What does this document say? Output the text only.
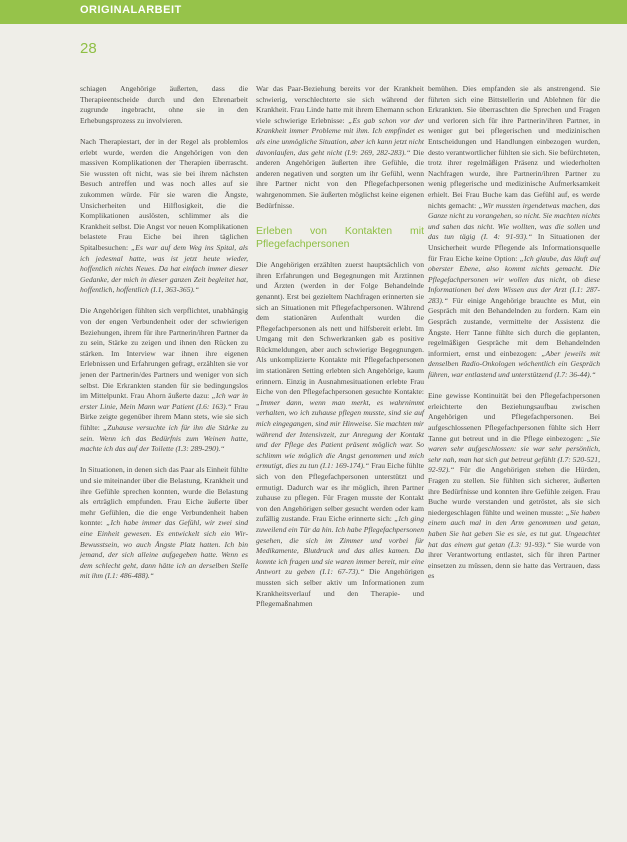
ORIGINALARBEIT
28

schiagen Angehörige äußerten, dass die Therapieentscheide durch und den Ehrenarbeit zugrunde ingebracht, ohne sie in den Erhebungsprozess zu involvieren.

Nach Therapiestart, der in der Regel als problemlos erlebt wurde, werden die Angehörigen von den massiven Komplikationen der Therapien überrascht. Sie wussten oft nicht, was sie bei ihrem nächsten Besuch antreffen und was noch alles auf sie zukommen würde. Für sie waren die Ängste, Unsicherheiten und Hilflosigkeit, die die Komplikationen auslösten, schlimmer als die Krankheit selbst. Die Angst vor neuen Komplikationen belastete Frau Eiche bei ihren täglichen Spitalbesuchen: „Es war auf dem Weg ins Spital, als ich jedesmal hatte, was ist jetzt heute wieder, hoffentlich nichts Neues. Da hat einfach immer dieser Gedanke, der mich in dieser ganzen Zeit begleitet hat, hoffentlich, hoffentlich (I.1, 363-365).“

Die Angehörigen fühlten sich verpflichtet, unabhängig von der engen Verbundenheit oder der schwierigen Beziehungen, ihrem für ihre Partnerin/ihren Partner da zu sein, Stärke zu zeigen und ihnen den Rücken zu stärken. Im Interview war ihnen ihre eigenen Erlebnissen und Erfahrungen gefragt, erzählten sie vor jenen der Partnerin/des Partners und weniger von sich selbst. Die Erkrankten standen für sie bedingungslos im Mittelpunkt. Frau Ahorn äußerte dazu: „Ich war in erster Linie, Mein Mann war Patient (I.6: 163).“ Frau Birke zeigte gegenüber ihrem Mann stets, wie sie sich fühlte: „Zuhause versuchte ich für ihn die Stärke zu sein. Wenn ich das Bedürfnis zum Weinen hatte, machte ich das auf der Toilette (I.3: 289-290).“

In Situationen, in denen sich das Paar als Einheit fühlte und sie miteinander über die Belastung, Krankheit und ihre Gefühle sprechen konnten, wurde die Belastung als erträglich empfunden. Frau Eiche äußerte über mehr Gefühlen, die die enge Verbundenheit haben konnte: „Ich habe immer das Gefühl, wir zwei sind eine Einheit gewesen. Es entwickelt sich ein Wir-Bewusstsein, wo auch Ängste Platz hatten. Ich bin jemand, der sich alleine aufgegeben hatte. Wenn es dem schlecht geht, dann hätte ich an derselben Stelle mit ihm (I.1: 486-488).“

War das Paar-Beziehung bereits vor der Krankheit schwierig, verschlechterte sie sich während der Krankheit. Frau Linde hatte mit ihrem Ehemann schon viele schwierige Erlebnisse: „Es gab schon vor der Krankheit immer Probleme mit ihm. Ich empfindet es als eine unmögliche Situation, aber ich kann jetzt nicht davonlaufen, das geht nicht (I.9: 269, 282-283).“ Die anderen Angehörigen äußerten ihre Gefühle, die anderen negativen und sorgten um ihr Gefühl, wenn ihre Partner nicht von den Pflegefachpersonen wahrgenommen. Sie äußerten möglichst keine eigenen Bedürfnisse.

Erleben von Kontakten mit Pflegefachpersonen

Die Angehörigen erzählten zuerst hauptsächlich von ihren Erfahrungen und Begegnungen mit Ärztinnen und Ärzten (werden in der Folge Behandelnde genannt). Erst bei gezieltem Nachfragen erinnerten sie sich an Situationen mit Pflegefachpersonen. Während dem stationären Aufenthalt wurden die Pflegefachpersonen als nett und hilfsbereit erlebt. Im Umgang mit den Schwerkranken gab es positive Rückmeldungen, aber auch schwierige Begegnungen. Als unkomplizierte Kontakte mit Pflegefachpersonen im stationären Setting erlebten sich Angehörige, kaum erinnern. Einzig in Ausnahmesituationen erlebte Frau Eiche von den Pflegefachpersonen gesuchte Kontakte: „Immer dann, wenn man merkt, es wahrnimmt verhalten, wo ich zuhause pflegen musste, sind sie auf mich eingegangen, sind mir Hinweise. Sie machten mir während der Intensivzeit, zur Anregung der Kontakt und der Pflege des Patient präsent möglich war. So schlimm wie möglich die Angst genommen und mich ermutigt, dies zu tun (I.1: 169-174).“ Frau Eiche fühlte sich von den Pflegefachpersonen unterstützt und ermutigt. Dadurch war es ihr möglich, ihren Partner zuhause zu pflegen. Für Fragen musste der Kontakt von den Angehörigen selber gesucht werden oder kam zufällig zustande. Frau Eiche erinnerte sich: „Ich ging zuweilend ein Tür da hin. Ich habe Pflegefachpersonen gesehen, die sich im Zimmer und vorbei für Medikamente, Blutdruck und das alles kamen. Da konnte ich fragen und sie waren immer bereit, mir eine Antwort zu geben (I.1: 67-73).“ Die Angehörigen mussten sich selber aktiv um Informationen zum Krankheitsverlauf und den Therapie- und Pflegemaßnahmen

bemühen. Dies empfanden sie als anstrengend. Sie führten sich eine Bittstellerin und Ablehnen für die Erkrankten. Sie überraschten die Sprechen und Fragen und verloren sich für ihre Partnerin/ihren Partner, in weniger gut bei pflegerischen und medizinischen Entscheidungen und Handlungen einbezogen wurden, desto verantwortlicher fühlten sie sich. Sie befürchteten, trotz ihrer regelmäßigen Präsenz und wiederholten Nachfragen wurde, ihre Partnerin/ihren Partner zu wenig pflegerische und medizinische Aufmerksamkeit erhielt. Bei Frau Buche kam das Gefühl auf, es werde nichts gemacht: „Wir mussten irgendetwas machen, das Ganze nicht zu vorangehen, so nicht. Sie machten nichts und sahen das nicht. Wie wollten, was die sollen und das tun tägig (I. 4: 91-93).“ In Situationen der Unsicherheit wurde Pflegende als Informationsquelle für Frau Eiche keine Option: „Ich glaube, das läuft auf oberster Ebene, also kommt nichts gemacht. Die Pflegefachpersonen wir wollen das nicht, ob diese Informationen bei dem Wissen aus der Arzt (I.1: 287-283).“ Für einige Angehörige brauchte es Mut, ein Gespräch mit den Behandelnden zu fordern. Kam ein Gespräch zustande, vermittelte der Assistenz die Ängste. Herr Tanne fühlte sich durch die geplanten, regelmäßigen Gespräche mit dem Behandelnden informiert, ernst und einbezogen: „Aber jeweils mit denselben Radio-Onkologen wöchentlich ein Gespräch führen, war entlastend und unterstützend (I.7: 36-44).“

Eine gewisse Kontinuität bei den Pflegefachpersonen erleichterte den Beziehungsaufbau zwischen Angehörigen und Pflegefachpersonen. Bei aufgeschlossenen Pflegefachpersonen fühlte sich Herr Tanne gut betreut und in die Pflege einbezogen: „Sie waren sehr aufgeschlossen: sie war sehr persönlich, sehr nah, man hat sich gut betreut gefühlt (I.7: 520-521, 92-92).“ Für die Angehörigen stehen die Hürden, Fragen zu stellen. Sie fühlten sich sicherer, äußerten ihre Bedürfnisse und konnten ihre Gefühle zeigen. Frau Buche wurde verstanden und getröstet, als sie sich niedergeschlagen fühlte und weinen musste: „Sie haben einem auch mal in den Arm genommen und getan, haben Sie hat geben Sie es sie, es tut gut. Ungeachtet hat das einem gut getan (I.3: 91-93).“ Sie wurde von ihrer Verantwortung entlastet, sich für ihren Partner einsetzen zu müssen, denn sie hatte das Vertrauen, dass es
